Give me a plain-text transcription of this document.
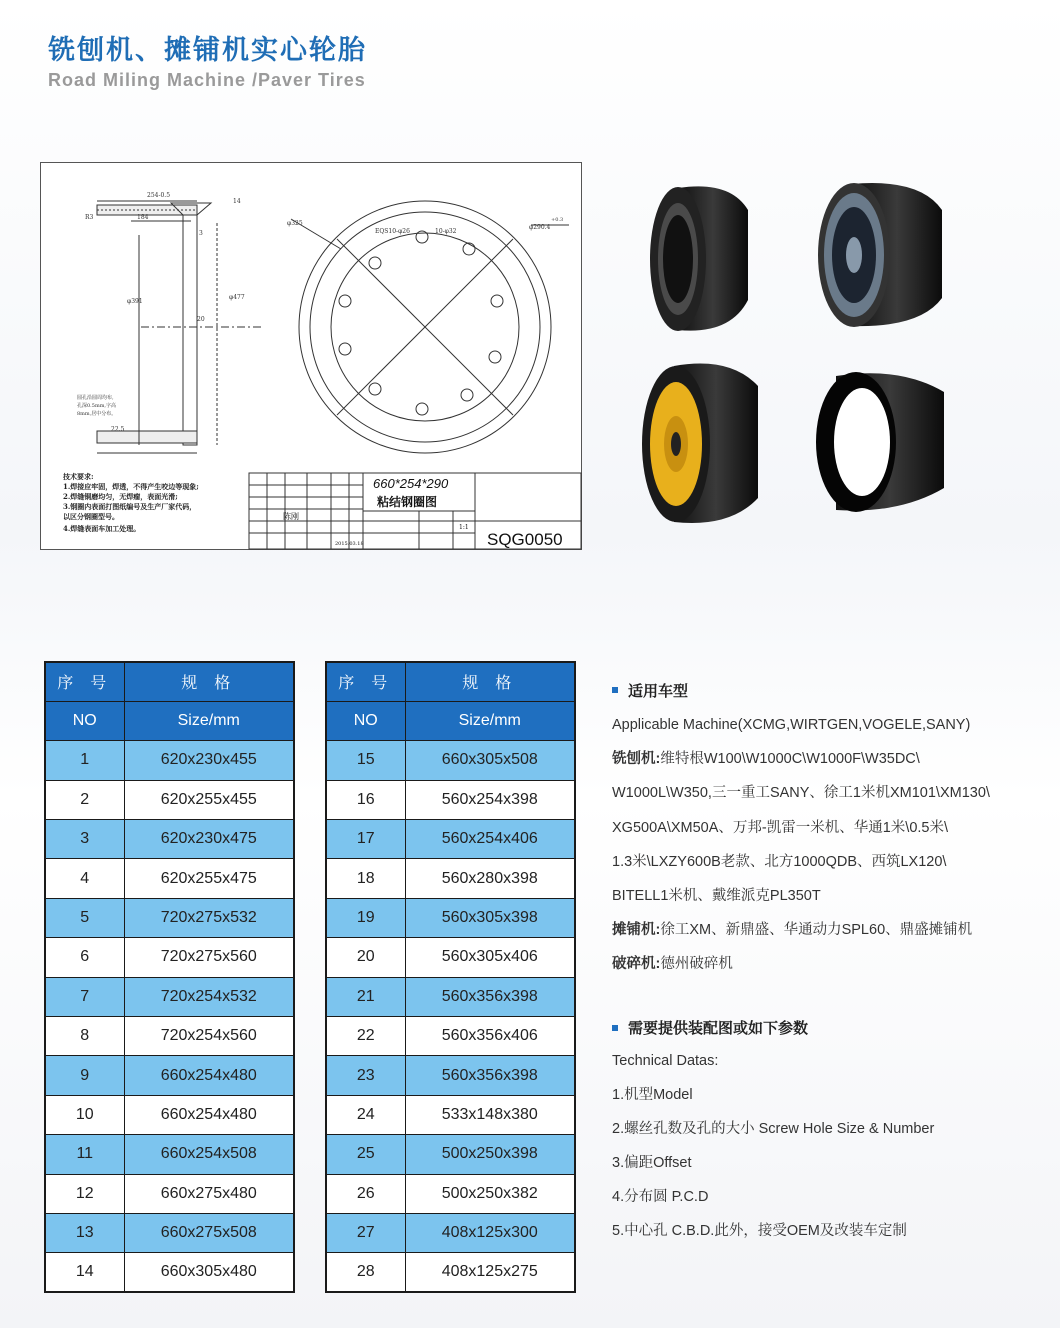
铣刨机、摊铺机实心轮胎
Road Miling Machine /Paver Tires
254-0.5
184
14
3
φ391
φ477
20
22.5
R3
圆孔沿圆周均布,
孔深0.5mm,字高
8mm,居中分布。
φ325
EQS10-φ26	10-φ32
φ290.4
+0.3
技术要求:
1.焊接应牢固，焊透，不得产生咬边等现象;
2.焊缝铜磨均匀，无焊瘤，表面光滑;
3.钢圈内表面打图纸编号及生产厂家代码，
以区分钢圈型号。
4.焊缝表面车加工处理。
660*254*290
粘结钢圈图
SQG0050
陈刚
2015.03.18
1:1
序 号	规 格
NO	Size/mm
1	620x230x455
2	620x255x455
3	620x230x475
4	620x255x475
5	720x275x532
6	720x275x560
7	720x254x532
8	720x254x560
9	660x254x480
10	660x254x480
11	660x254x508
12	660x275x480
13	660x275x508
14	660x305x480
序 号	规 格
NO	Size/mm
15	660x305x508
16	560x254x398
17	560x254x406
18	560x280x398
19	560x305x398
20	560x305x406
21	560x356x398
22	560x356x406
23	560x356x398
24	533x148x380
25	500x250x398
26	500x250x382
27	408x125x300
28	408x125x275
适用车型
Applicable Machine(XCMG,WIRTGEN,VOGELE,SANY)
铣刨机:维特根W100\W1000C\W1000F\W35DC\
W1000L\W350,三一重工SANY、徐工1米机XM101\XM130\
XG500A\XM50A、万邦-凯雷一米机、华通1米\0.5米\
1.3米\LXZY600B老款、北方1000QDB、西筑LX120\
BITELL1米机、戴维派克PL350T
摊铺机:徐工XM、新鼎盛、华通动力SPL60、鼎盛摊铺机
破碎机:德州破碎机
需要提供装配图或如下参数
Technical Datas:
1.机型Model
2.螺丝孔数及孔的大小 Screw Hole Size & Number
3.偏距Offset
4.分布圆 P.C.D
5.中心孔 C.B.D.此外，接受OEM及改装车定制
